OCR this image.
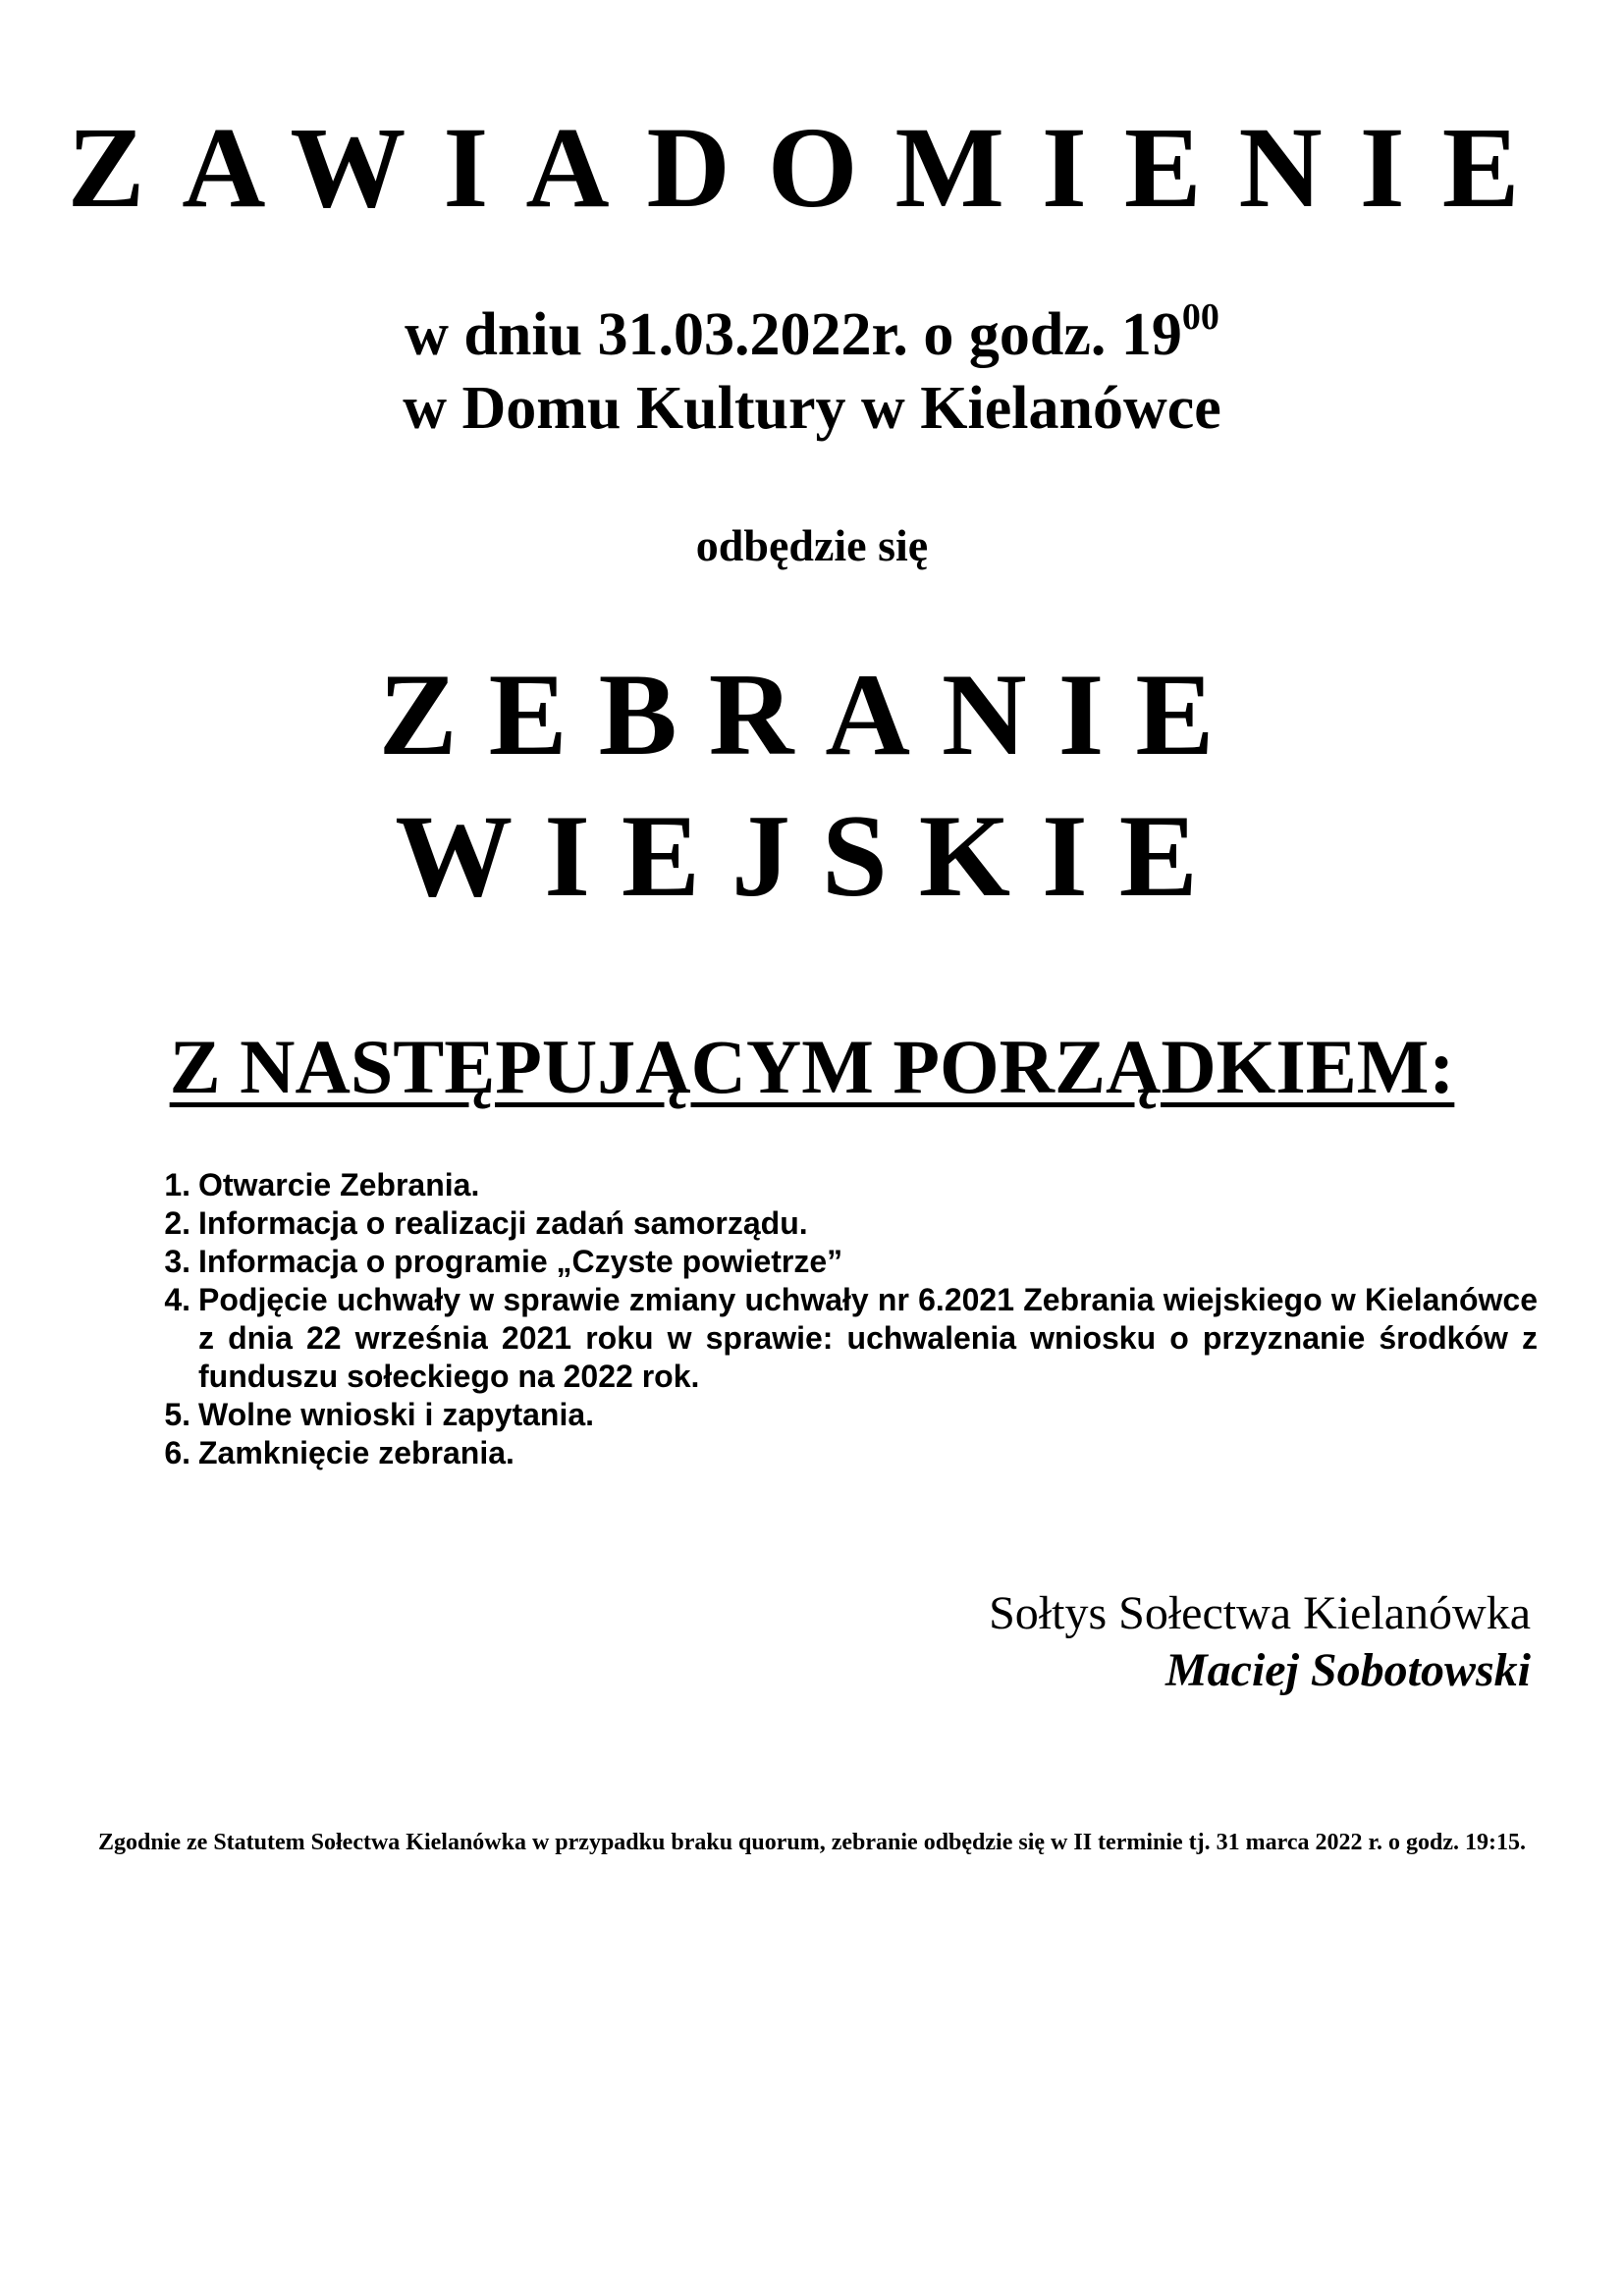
ZAWIADOMIENIE
w dniu 31.03.2022r. o godz. $19^{00}$
w Domu Kultury w Kielanówce
odbędzie się
ZEBRANIE
WIEJSKIE
Z NASTĘPUJĄCYM PORZĄDKIEM:
1. Otwarcie Zebrania.
2. Informacja o realizacji zadań samorządu.
3. Informacja o programie „Czyste powietrze”
4. Podjęcie uchwały w sprawie zmiany uchwały nr 6.2021 Zebrania wiejskiego w Kielanówce z dnia 22 września 2021 roku w sprawie: uchwalenia wniosku o przyznanie środków z funduszu sołeckiego na 2022 rok.
5. Wolne wnioski i zapytania.
6. Zamknięcie zebrania.
Sołtys Sołectwa Kielanówka
Maciej Sobotowski
Zgodnie ze Statutem Sołectwa Kielanówka w przypadku braku quorum, zebranie odbędzie się w II terminie tj. 31 marca 2022 r. o godz. 19:15.
